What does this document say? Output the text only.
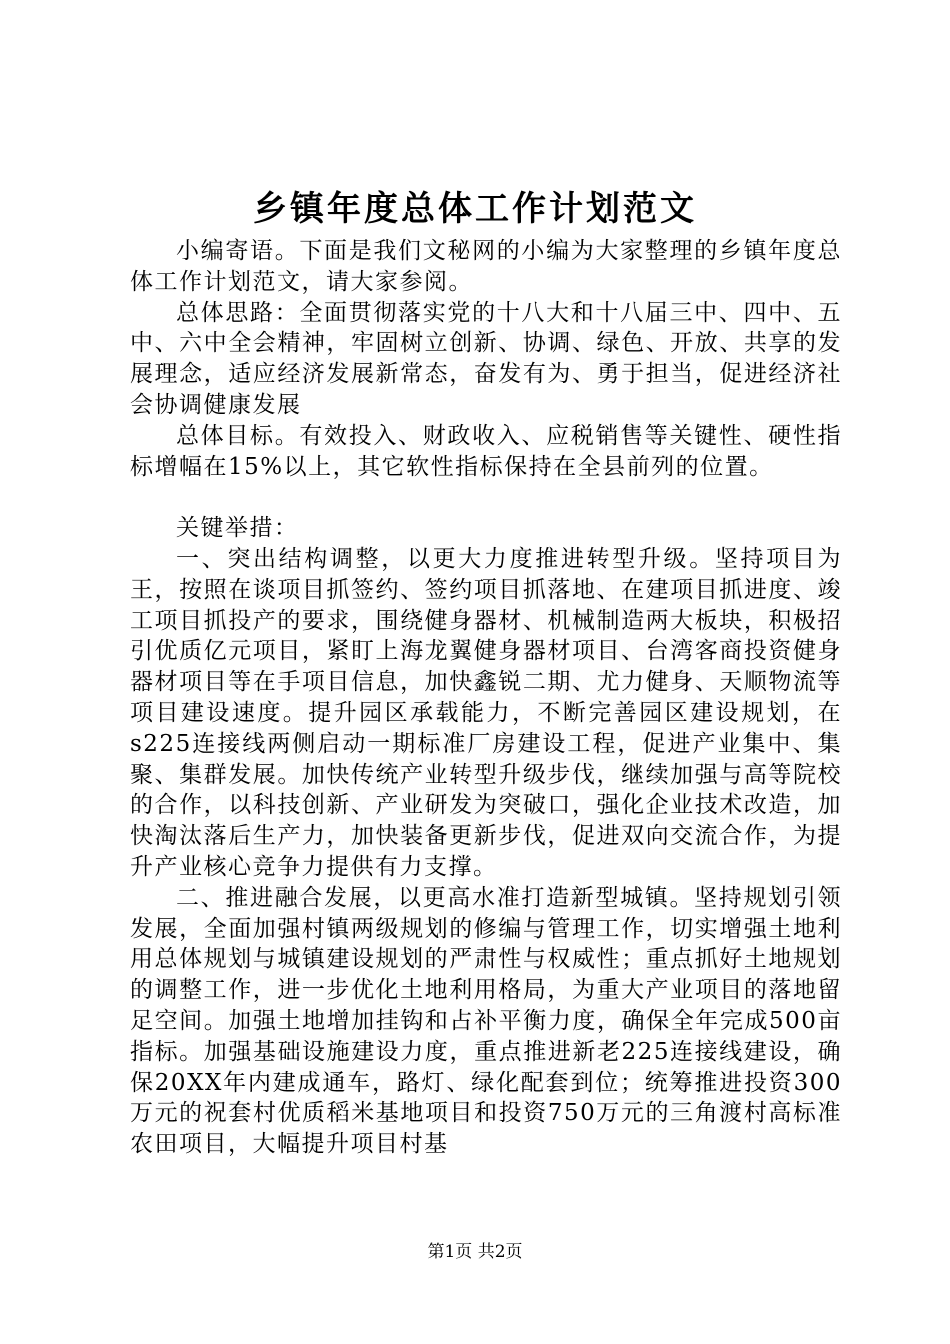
乡镇年度总体工作计划范文

小编寄语。下面是我们文秘网的小编为大家整理的乡镇年度总体工作计划范文，请大家参阅。

总体思路：全面贯彻落实党的十八大和十八届三中、四中、五中、六中全会精神，牢固树立创新、协调、绿色、开放、共享的发展理念，适应经济发展新常态，奋发有为、勇于担当，促进经济社会协调健康发展

总体目标。有效投入、财政收入、应税销售等关键性、硬性指标增幅在15%以上，其它软性指标保持在全县前列的位置。

关键举措：

一、突出结构调整，以更大力度推进转型升级。坚持项目为王，按照在谈项目抓签约、签约项目抓落地、在建项目抓进度、竣工项目抓投产的要求，围绕健身器材、机械制造两大板块，积极招引优质亿元项目，紧盯上海龙翼健身器材项目、台湾客商投资健身器材项目等在手项目信息，加快鑫锐二期、尤力健身、天顺物流等项目建设速度。提升园区承载能力，不断完善园区建设规划，在s225连接线两侧启动一期标准厂房建设工程，促进产业集中、集聚、集群发展。加快传统产业转型升级步伐，继续加强与高等院校的合作，以科技创新、产业研发为突破口，强化企业技术改造，加快淘汰落后生产力，加快装备更新步伐，促进双向交流合作，为提升产业核心竞争力提供有力支撑。

二、推进融合发展，以更高水准打造新型城镇。坚持规划引领发展，全面加强村镇两级规划的修编与管理工作，切实增强土地利用总体规划与城镇建设规划的严肃性与权威性；重点抓好土地规划的调整工作，进一步优化土地利用格局，为重大产业项目的落地留足空间。加强土地增加挂钩和占补平衡力度，确保全年完成500亩指标。加强基础设施建设力度，重点推进新老225连接线建设，确保20XX年内建成通车，路灯、绿化配套到位；统筹推进投资300万元的祝套村优质稻米基地项目和投资750万元的三角渡村高标准农田项目，大幅提升项目村基

第1页 共2页
